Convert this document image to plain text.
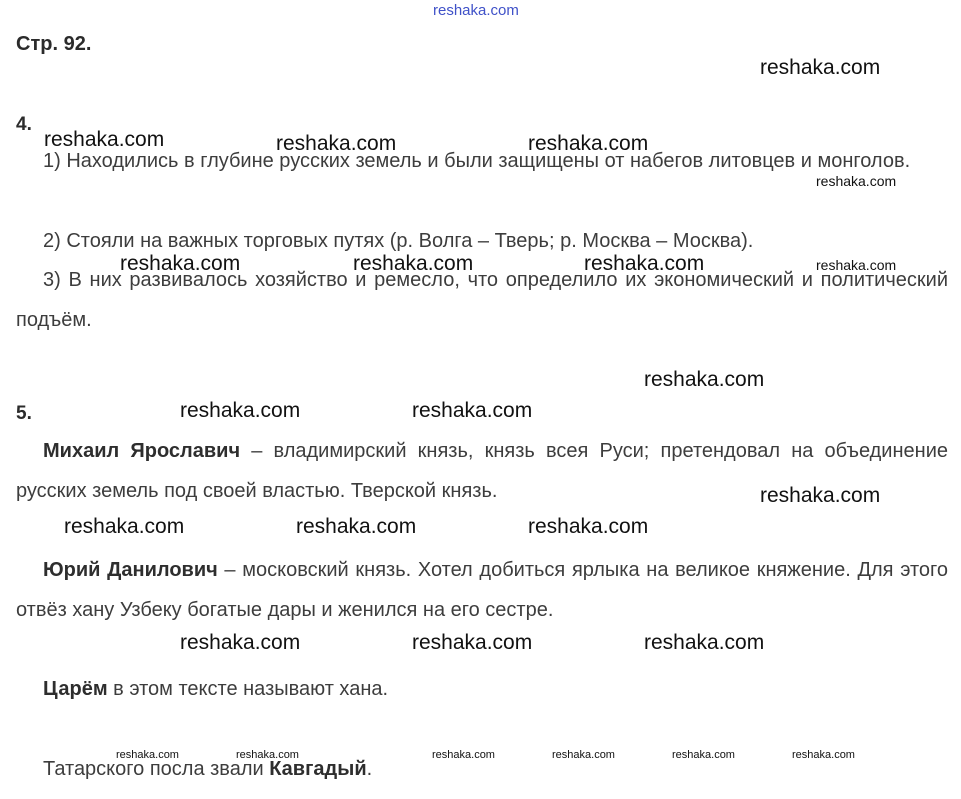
reshaka.com
Стр. 92.
4.
1) Находились в глубине русских земель и были защищены от набегов литовцев и монголов.
2) Стояли на важных торговых путях (р. Волга – Тверь; р. Москва – Москва).
3) В них развивалось хозяйство и ремесло, что определило их экономический и политический подъём.
5.
Михаил Ярославич – владимирский князь, князь всея Руси; претендовал на объединение русских земель под своей властью. Тверской князь.
Юрий Данилович – московский князь. Хотел добиться ярлыка на великое княжение. Для этого отвёз хану Узбеку богатые дары и женился на его сестре.
Царём в этом тексте называют хана.
Татарского посла звали Кавгадый.
reshaka.com
reshaka.com	reshaka.com	reshaka.com
reshaka.com
reshaka.com	reshaka.com	reshaka.com	reshaka.com
reshaka.com
reshaka.com	reshaka.com
reshaka.com
reshaka.com	reshaka.com	reshaka.com
reshaka.com	reshaka.com	reshaka.com
reshaka.com	reshaka.com	reshaka.com	reshaka.com	reshaka.com	reshaka.com
